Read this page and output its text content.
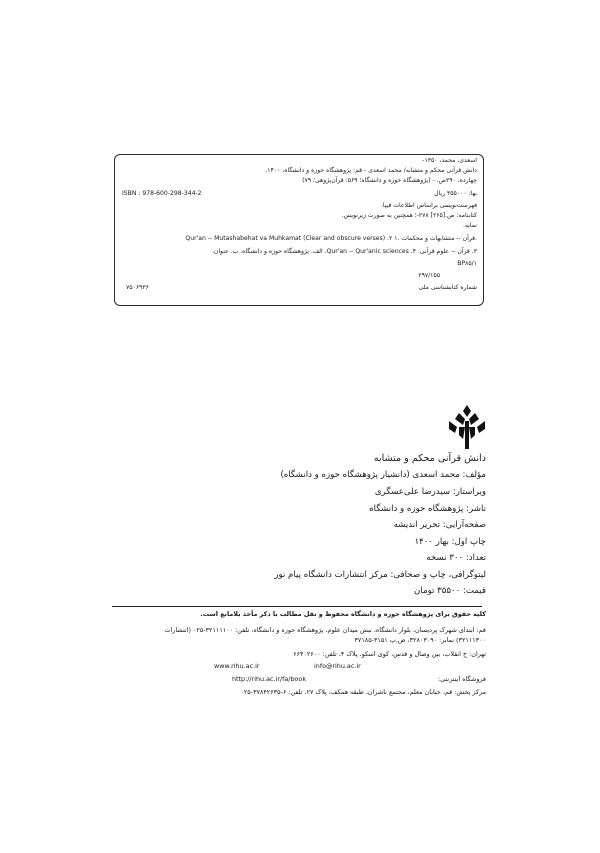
اسعدی، محمد، ۱۳۵۰-
دانش قرآنی محکم و متشابه/ محمد اسعدی - قم: پژوهشگاه حوزه و دانشگاه، ۱۴۰۰.
چهارده، ۲۹۰ص. - (پژوهشگاه حوزه و دانشگاه؛ ۵۶۹: قرآن‌پژوهی؛ ۷۹)
ISBN : 978-600-298-344-2	بها: ۳۵۵۰۰۰ ریال
فهرست‌نویسی براساس اطلاعات فیپا.
کتابنامه: ص.[۲۶۵] ۲۷۸-؛ همچنین به صورت زیرنویس.
نمایه.
Qur'an -- Mutashabehat va Muhkamat (Clear and obscure verses) .۲ ۱. قرآن -- متشابهات و محکمات.
۳. قرآن -- علوم قرآنی. ۴. Qur'an -- Qur'anic sciences. الف. پژوهشگاه حوزه و دانشگاه. ب. عنوان.
BP۸۵/۱
۲۹۷/۱۵۵
شماره کتابشناسی ملی
۷۵۰۶۹۳۶
دانش قرآنی محکم و متشابه
مؤلف: محمد اسعدی (دانشیار پژوهشگاه حوزه و دانشگاه)
ویراستار: سیدرضا علی‌عسگری
ناشر: پژوهشگاه حوزه و دانشگاه
صفحه‌آرایی: تحریر اندیشه
چاپ اول: بهار ۱۴۰۰
تعداد: ۳۰۰ نسخه
لیتوگرافی، چاپ و صحافی: مرکز انتشارات دانشگاه پیام نور
قیمت: ۳۵۵۰۰ تومان
کلیه حقوق برای پژوهشگاه حوزه و دانشگاه محفوظ و نقل مطالب با ذکر مأخذ بلامانع است.
قم: ابتدای شهرک پردیسان، بلوار دانشگاه، نبش میدان علوم، پژوهشگاه حوزه و دانشگاه، تلفن: ۳۲۱۱۱۱۰۰-۰۲۵ (انتشارات
۳۲۱۱۱۳۰۰) نمابر: ۳۲۸۰۳۰۹۰، ص.پ ۳۱۵۱-۳۷۱۸۵
تهران: خ انقلاب، بین وصال و قدس، کوی اسکو، پلاک ۴، تلفن: ۶۶۴۰۲۶۰۰
www.rihu.ac.ir	info@rihu.ac.ir
فروشگاه اینترنتی:
http://rihu.ac.ir/fa/book
مرکز پخش: قم، خیابان معلم، مجتمع ناشران، طبقه همکف، پلاک ۲۷، تلفن: ۶-۳۷۸۴۲۶۳۵-۰۲۵
